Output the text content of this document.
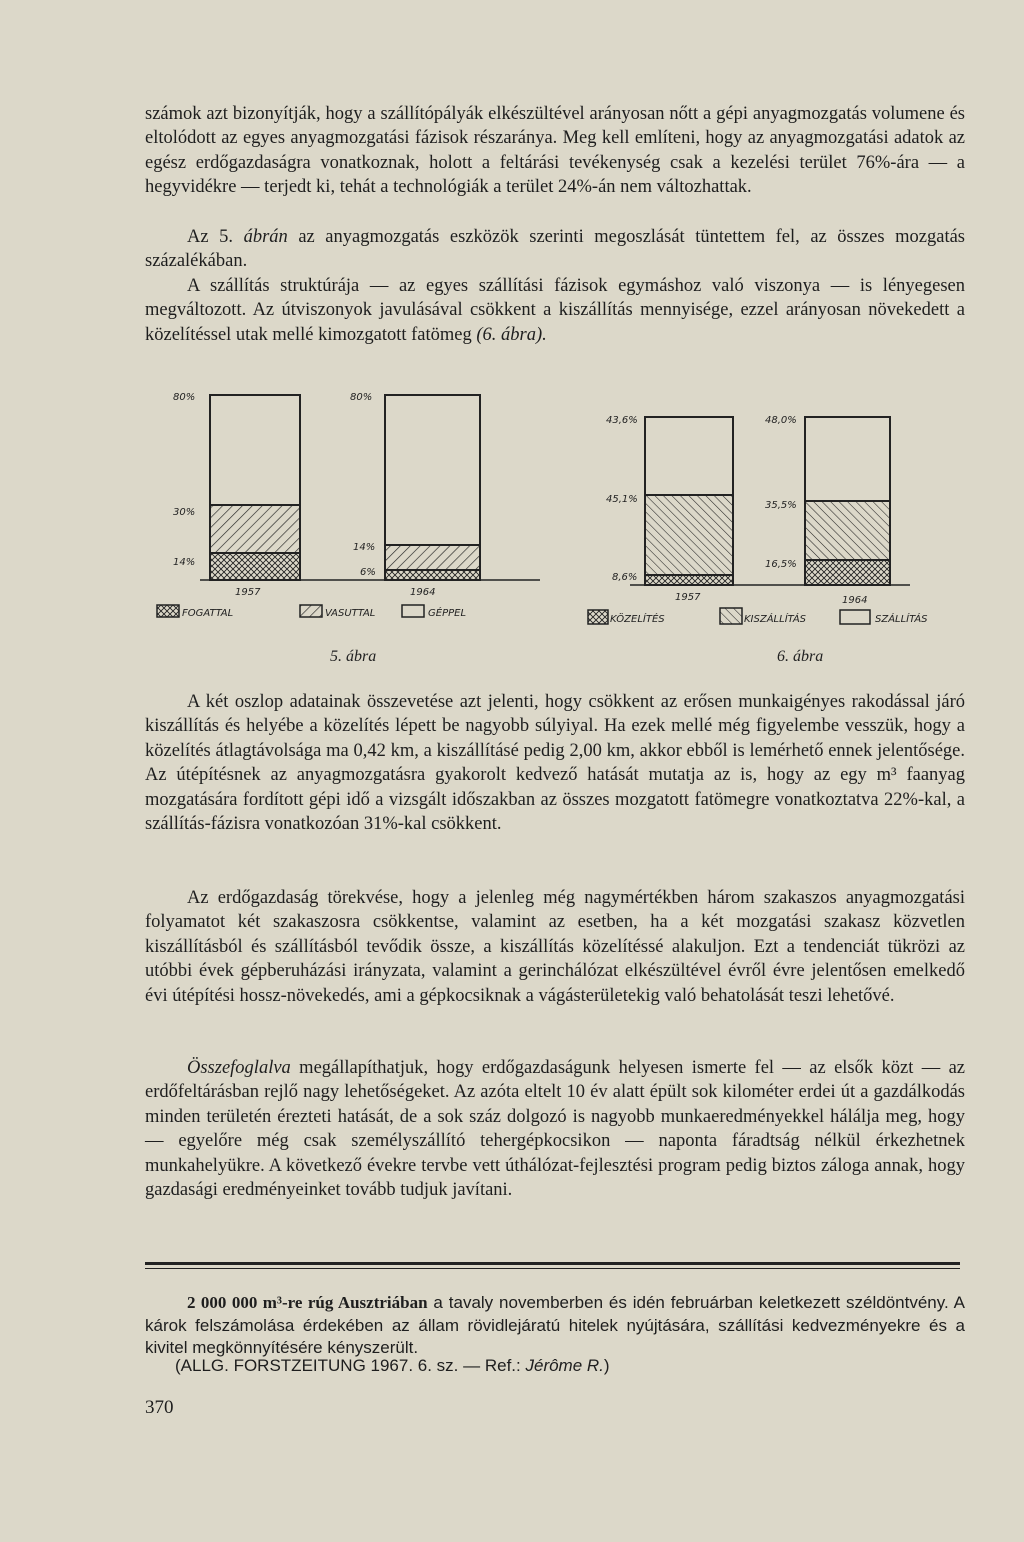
számok azt bizonyítják, hogy a szállítópályák elkészültével arányosan nőtt a gépi anyagmozgatás volumene és eltolódott az egyes anyagmozgatási fázisok részaránya. Meg kell említeni, hogy az anyagmozgatási adatok az egész erdőgazdaságra vonatkoznak, holott a feltárási tevékenység csak a kezelési terület 76%-ára — a hegyvidékre — terjedt ki, tehát a technológiák a terület 24%-án nem változhattak.

Az 5. ábrán az anyagmozgatás eszközök szerinti megoszlását tüntettem fel, az összes mozgatás százalékában.

A szállítás struktúrája — az egyes szállítási fázisok egymáshoz való viszonya — is lényegesen megváltozott. Az útviszonyok javulásával csökkent a kiszállítás mennyisége, ezzel arányosan növekedett a közelítéssel utak mellé kimozgatott fatömeg (6. ábra).

80%
30%
14%
1957
80%
14%
6%
1964
FOGATTAL	VASUTTAL	GÉPPEL
5. ábra
43,6%
45,1%
8,6%
1957
48,0%
35,5%
16,5%
1964
KÖZELÍTÉS	KISZÁLLÍTÁS	SZÁLLÍTÁS
6. ábra

A két oszlop adatainak összevetése azt jelenti, hogy csökkent az erősen munkaigényes rakodással járó kiszállítás és helyébe a közelítés lépett be nagyobb súlyiyal. Ha ezek mellé még figyelembe vesszük, hogy a közelítés átlagtávolsága ma 0,42 km, a kiszállításé pedig 2,00 km, akkor ebből is lemérhető ennek jelentősége. Az útépítésnek az anyagmozgatásra gyakorolt kedvező hatását mutatja az is, hogy az egy m³ faanyag mozgatására fordított gépi idő a vizsgált időszakban az összes mozgatott fatömegre vonatkoztatva 22%-kal, a szállítás-fázisra vonatkozóan 31%-kal csökkent.

Az erdőgazdaság törekvése, hogy a jelenleg még nagymértékben három szakaszos anyagmozgatási folyamatot két szakaszosra csökkentse, valamint az esetben, ha a két mozgatási szakasz közvetlen kiszállításból és szállításból tevődik össze, a kiszállítás közelítéssé alakuljon. Ezt a tendenciát tükrözi az utóbbi évek gépberuházási irányzata, valamint a gerinchálózat elkészültével évről évre jelentősen emelkedő évi útépítési hossz-növekedés, ami a gépkocsiknak a vágásterületekig való behatolását teszi lehetővé.

Összefoglalva megállapíthatjuk, hogy erdőgazdaságunk helyesen ismerte fel — az elsők közt — az erdőfeltárásban rejlő nagy lehetőségeket. Az azóta eltelt 10 év alatt épült sok kilométer erdei út a gazdálkodás minden területén érezteti hatását, de a sok száz dolgozó is nagyobb munkaeredményekkel hálálja meg, hogy — egyelőre még csak személyszállító tehergépkocsikon — naponta fáradtság nélkül érkezhetnek munkahelyükre. A következő évekre tervbe vett úthálózat-fejlesztési program pedig biztos zálogа annak, hogy gazdasági eredményeinket tovább tudjuk javítani.

2 000 000 m³-re rúg Ausztriában a tavaly novemberben és idén februárban keletkezett széldöntvény. A károk felszámolása érdekében az állam rövidlejáratú hitelek nyújtására, szállítási kedvezményekre és a kivitel megkönnyítésére kényszerült.

(ALLG. FORSTZEITUNG 1967. 6. sz. — Ref.: Jérôme R.)

370
